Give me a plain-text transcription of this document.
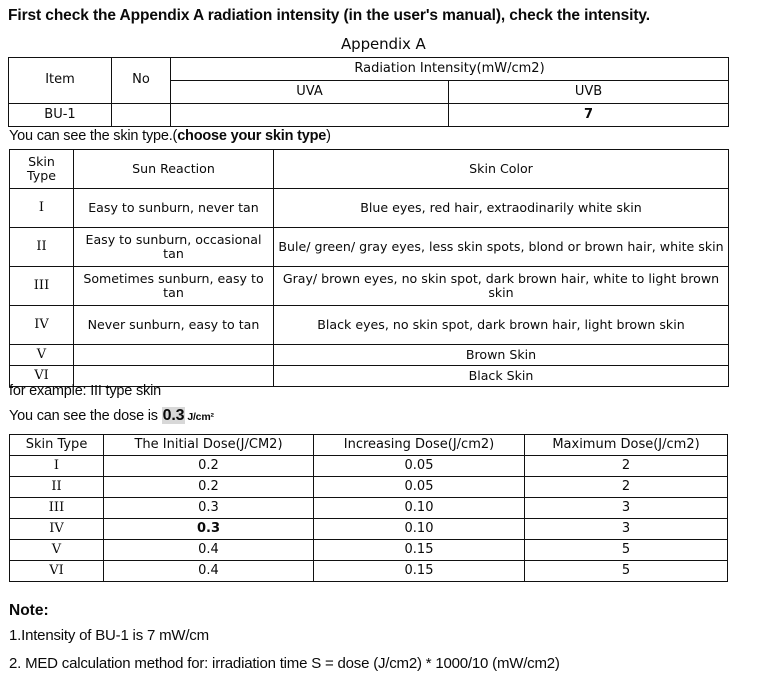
First check the Appendix A radiation intensity (in the user's manual), check the intensity.
Appendix A
Item	No	Radiation Intensity(mW/cm2)	
		UVA	UVB
BU-1			7
You can see the skin type.(choose your skin type)
Skin Type	Sun Reaction	Skin Color
I	Easy to sunburn, never tan	Blue eyes, red hair, extraodinarily white skin
II	Easy to sunburn, occasional tan	Bule/ green/ gray eyes, less skin spots, blond or brown hair, white skin
III	Sometimes sunburn, easy to tan	Gray/ brown eyes, no skin spot, dark brown hair, white to light brown skin
IV	Never sunburn, easy to tan	Black eyes, no skin spot, dark brown hair, light brown skin
V		Brown Skin
VI		Black Skin
for example: III type skin
You can see the dose is 0.3 J/cm²
Skin Type	The Initial Dose(J/CM2)	Increasing Dose(J/cm2)	Maximum Dose(J/cm2)
I	0.2	0.05	2
II	0.2	0.05	2
III	0.3	0.10	3
IV	0.3	0.10	3
V	0.4	0.15	5
VI	0.4	0.15	5
Note:
1.Intensity of BU-1 is 7 mW/cm
2. MED calculation method for: irradiation time S = dose (J/cm2) * 1000/10 (mW/cm2)
